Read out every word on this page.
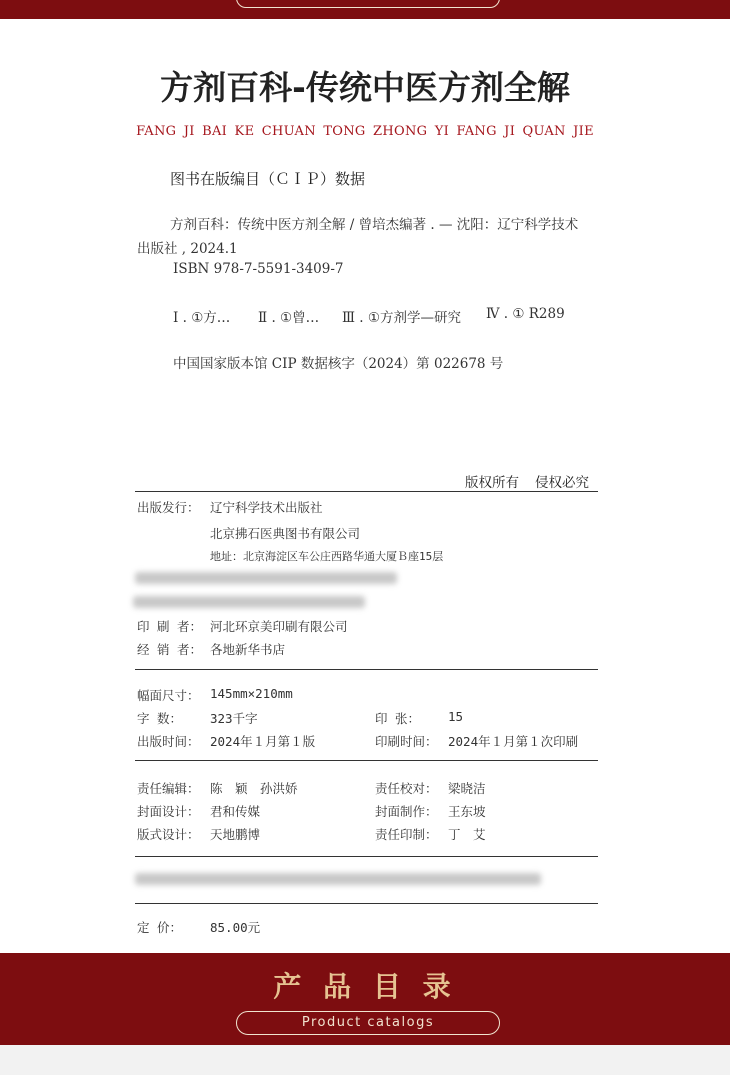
方剂百科-传统中医方剂全解
FANG JI BAI KE CHUAN TONG ZHONG YI FANG JI QUAN JIE
图书在版编目（ＣＩＰ）数据
方剂百科：传统中医方剂全解 / 曾培杰编著 . — 沈阳：辽宁科学技术
出版社 , 2024.1
ISBN 978-7-5591-3409-7
Ⅰ . ①方… Ⅱ . ①曾… Ⅲ . ①方剂学—研究 Ⅳ . ① R289
中国国家版本馆 CIP 数据核字（2024）第 022678 号
版权所有 侵权必究
出版发行： 辽宁科学技术出版社
北京拂石医典图书有限公司
地址：北京海淀区车公庄西路华通大厦Ｂ座15层
印 刷 者： 河北环京美印刷有限公司
经 销 者： 各地新华书店
幅面尺寸： 145mm×210mm
字 数： 323千字	印 张： 15
出版时间： 2024年１月第１版	印刷时间： 2024年１月第１次印刷
责任编辑： 陈　颖　孙洪娇	责任校对： 梁晓洁
封面设计： 君和传媒	封面制作： 王东坡
版式设计： 天地鹏博	责任印制： 丁　艾
定 价： 85.00元
产 品 目 录
Product catalogs
